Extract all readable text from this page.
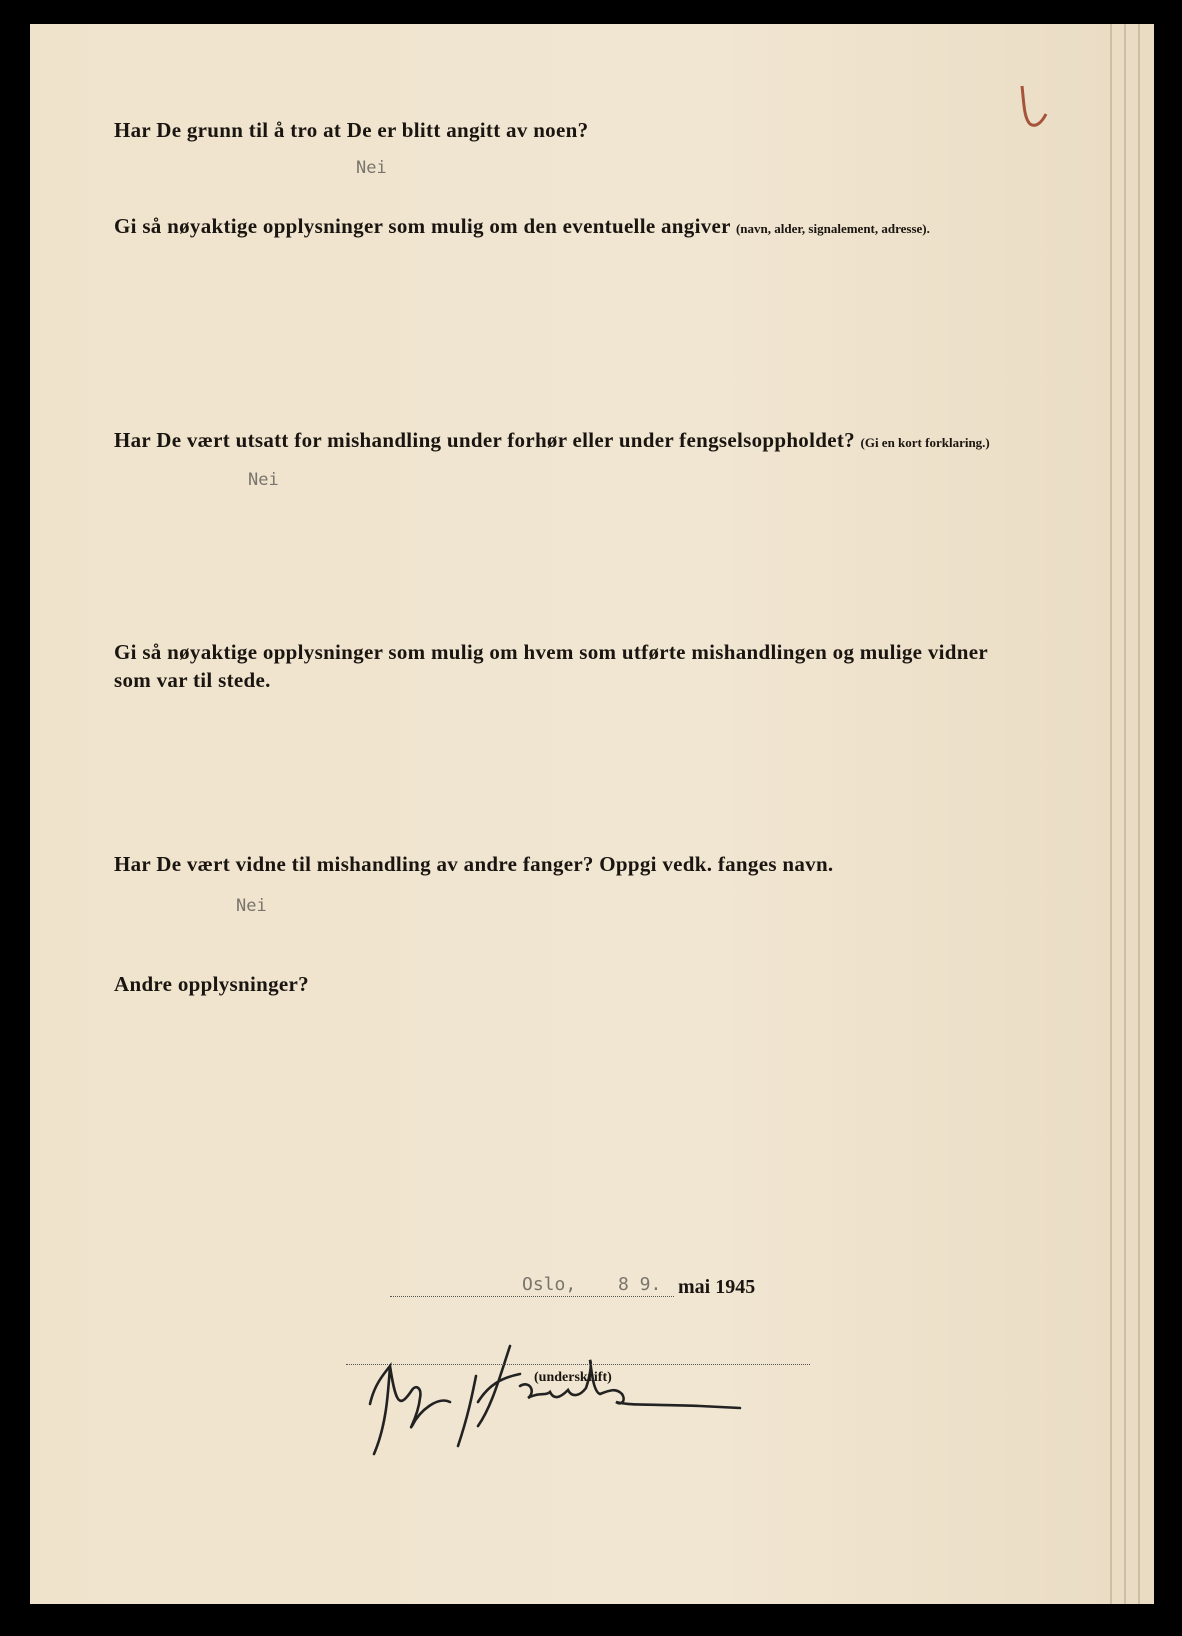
Har De grunn til å tro at De er blitt angitt av noen?
Nei
Gi så nøyaktige opplysninger som mulig om den eventuelle angiver (navn, alder, signalement, adresse).
Har De vært utsatt for mishandling under forhør eller under fengselsoppholdet? (Gi en kort forklaring.)
Nei
Gi så nøyaktige opplysninger som mulig om hvem som utførte mishandlingen og mulige vidner
som var til stede.
Har De vært vidne til mishandling av andre fanger? Oppgi vedk. fanges navn.
Nei
Andre opplysninger?
Oslo, 8 9. mai 1945
(underskrift)
